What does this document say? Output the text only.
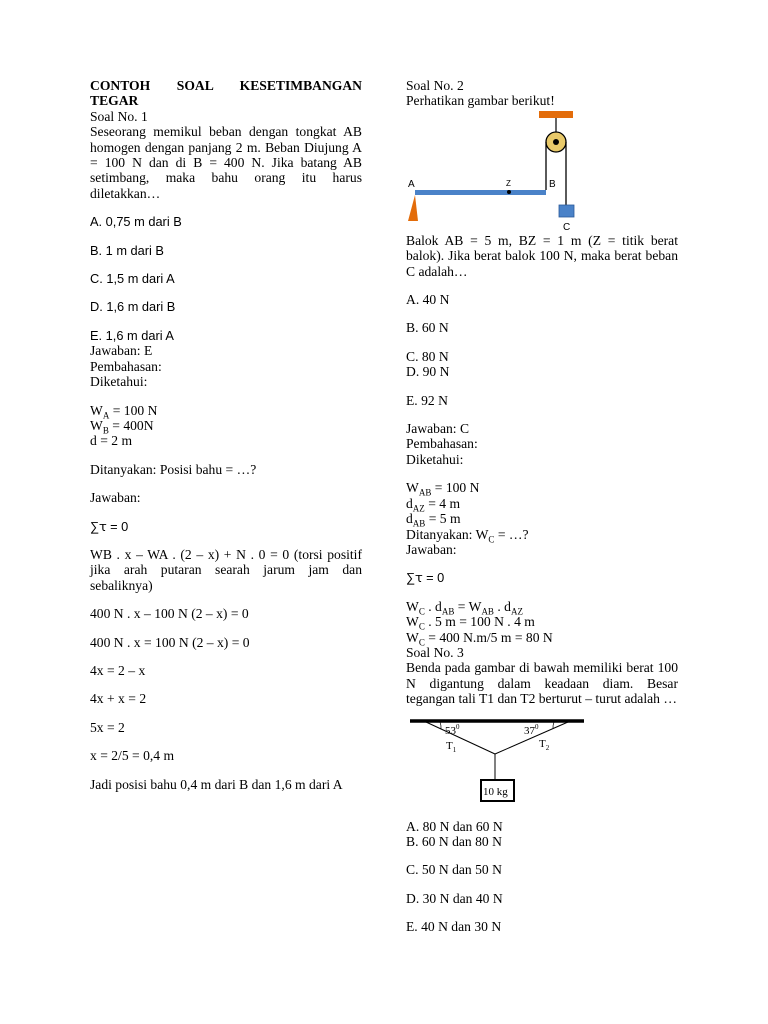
CONTOH SOAL KESETIMBANGAN TEGAR
Soal No. 1
Seseorang memikul beban dengan tongkat AB homogen dengan panjang 2 m. Beban Diujung A = 100 N dan di B = 400 N. Jika batang AB setimbang, maka bahu orang itu harus diletakkan…
A. 0,75 m dari B
B. 1 m dari B
C. 1,5 m dari A
D. 1,6 m dari B
E. 1,6 m dari A
Jawaban: E
Pembahasan:
Diketahui:
$W_A = 100$ N
$W_B = 400N$
d = 2 m
Ditanyakan: Posisi bahu = …?
Jawaban:
∑ꚍ = 0
WB . x – WA . (2 – x) + N . 0 = 0 (torsi positif jika arah putaran searah jarum jam dan sebaliknya)
400 N . x – 100 N (2 – x) = 0
400 N . x = 100 N (2 – x) = 0
4x = 2 – x
4x + x = 2
5x = 2
x = 2/5 = 0,4 m
Jadi posisi bahu 0,4 m dari B dan 1,6 m dari A
Soal No. 2
Perhatikan gambar berikut!
A	Z	B
C
Balok AB = 5 m, BZ = 1 m (Z = titik berat balok). Jika berat balok 100 N, maka berat beban C adalah…
A. 40 N
B. 60 N
C. 80 N
D. 90 N
E. 92 N
Jawaban: C
Pembahasan:
Diketahui:
$W_{AB} = 100$ N
$d_{AZ} = 4$ m
$d_{AB} = 5$ m
Ditanyakan: $W_C$ = …?
Jawaban:
∑ꚍ = 0
$W_C$ . $d_{AB} = W_{AB}$ . $d_{AZ}$
$W_C$ . 5 m = 100 N . 4 m
$W_C = 400$ N.m/5 m = 80 N
Soal No. 3
Benda pada gambar di bawah memiliki berat 100 N digantung dalam keadaan diam. Besar tegangan tali T1 dan T2 berturut – turut adalah …
$53^0$	$37^0$
$T_1$	$T_2$
10 kg
A. 80 N dan 60 N
B. 60 N dan 80 N
C. 50 N dan 50 N
D. 30 N dan 40 N
E. 40 N dan 30 N
